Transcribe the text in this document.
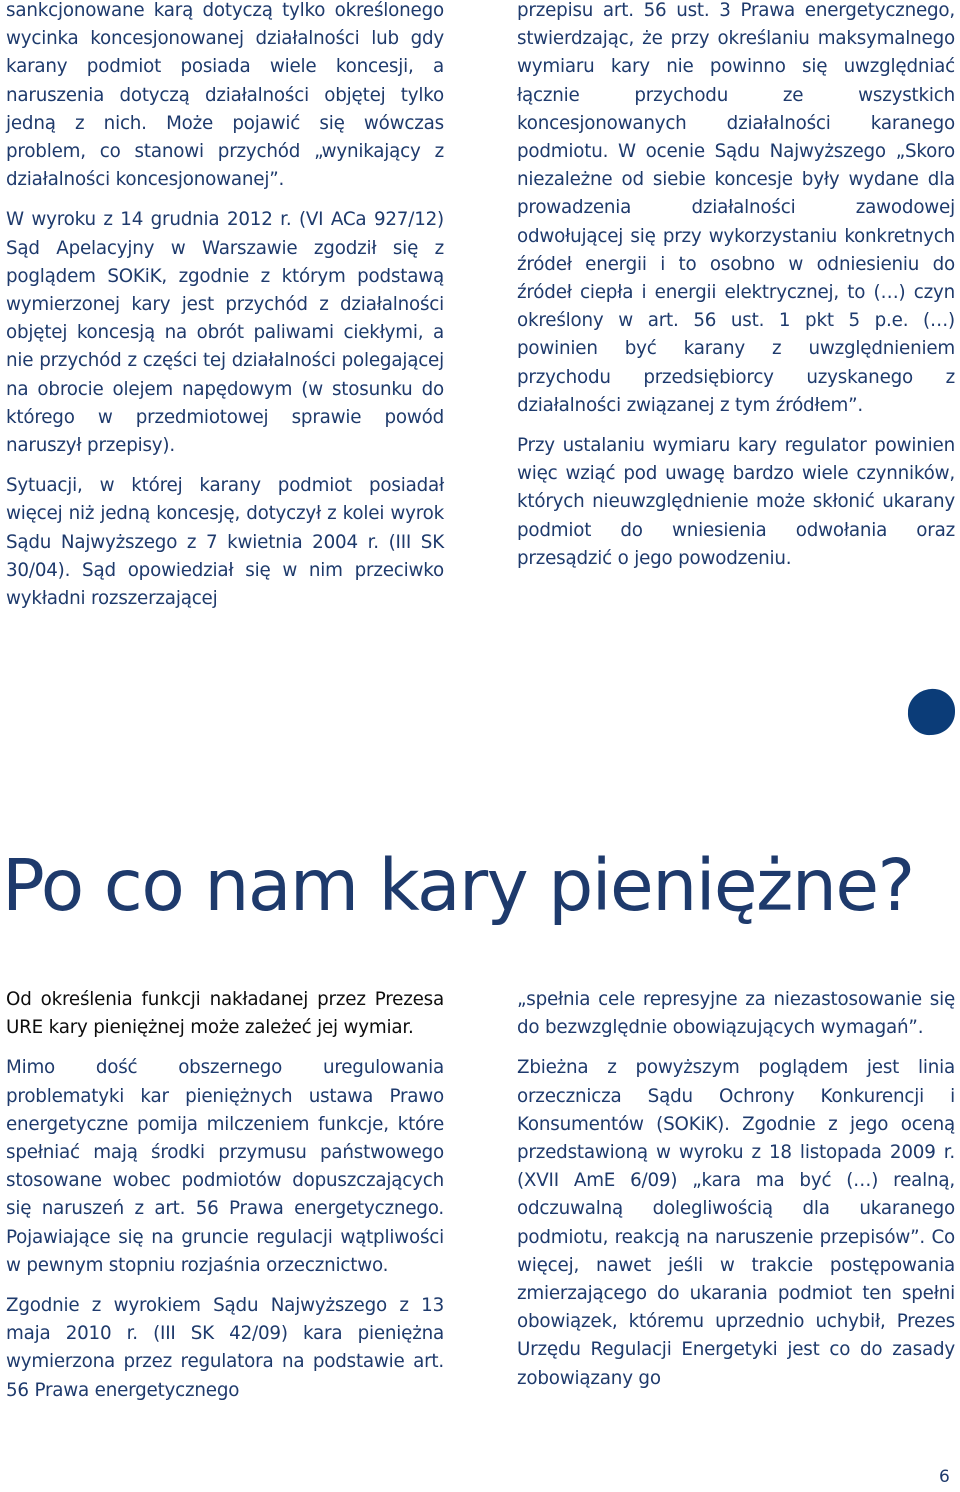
sankcjonowane karą dotyczą tylko określonego wycinka koncesjonowanej działalności lub gdy karany podmiot posiada wiele koncesji, a naruszenia dotyczą działalności objętej tylko jedną z nich. Może pojawić się wówczas problem, co stanowi przychód „wynikający z działalności koncesjonowanej”.

W wyroku z 14 grudnia 2012 r. (VI ACa 927/12) Sąd Apelacyjny w Warszawie zgodził się z poglądem SOKiK, zgodnie z którym podstawą wymierzonej kary jest przychód z działalności objętej koncesją na obrót paliwami ciekłymi, a nie przychód z części tej działalności polegającej na obrocie olejem napędowym (w stosunku do którego w przedmiotowej sprawie powód naruszył przepisy).

Sytuacji, w której karany podmiot posiadał więcej niż jedną koncesję, dotyczył z kolei wyrok Sądu Najwyższego z 7 kwietnia 2004 r. (III SK 30/04). Sąd opowiedział się w nim przeciwko wykładni rozszerzającej

przepisu art. 56 ust. 3 Prawa energetycznego, stwierdzając, że przy określaniu maksymalnego wymiaru kary nie powinno się uwzględniać łącznie przychodu ze wszystkich koncesjonowanych działalności karanego podmiotu. W ocenie Sądu Najwyższego „Skoro niezależne od siebie koncesje były wydane dla prowadzenia działalności zawodowej odwołującej się przy wykorzystaniu konkretnych źródeł energii i to osobno w odniesieniu do źródeł ciepła i energii elektrycznej, to (…) czyn określony w art. 56 ust. 1 pkt 5 p.e. (…) powinien być karany z uwzględnieniem przychodu przedsiębiorcy uzyskanego z działalności związanej z tym źródłem”.

Przy ustalaniu wymiaru kary regulator powinien więc wziąć pod uwagę bardzo wiele czynników, których nieuwzględnienie może skłonić ukarany podmiot do wniesienia odwołania oraz przesądzić o jego powodzeniu.

Po co nam kary pieniężne?

Od określenia funkcji nakładanej przez Prezesa URE kary pieniężnej może zależeć jej wymiar.

Mimo dość obszernego uregulowania problematyki kar pieniężnych ustawa Prawo energetyczne pomija milczeniem funkcje, które spełniać mają środki przymusu państwowego stosowane wobec podmiotów dopuszczających się naruszeń z art. 56 Prawa energetycznego. Pojawiające się na gruncie regulacji wątpliwości w pewnym stopniu rozjaśnia orzecznictwo.

Zgodnie z wyrokiem Sądu Najwyższego z 13 maja 2010 r. (III SK 42/09) kara pieniężna wymierzona przez regulatora na podstawie art. 56 Prawa energetycznego

„spełnia cele represyjne za niezastosowanie się do bezwzględnie obowiązujących wymagań”.

Zbieżna z powyższym poglądem jest linia orzecznicza Sądu Ochrony Konkurencji i Konsumentów (SOKiK). Zgodnie z jego oceną przedstawioną w wyroku z 18 listopada 2009 r. (XVII AmE 6/09) „kara ma być (…) realną, odczuwalną dolegliwością dla ukaranego podmiotu, reakcją na naruszenie przepisów”. Co więcej, nawet jeśli w trakcie postępowania zmierzającego do ukarania podmiot ten spełni obowiązek, któremu uprzednio uchybił, Prezes Urzędu Regulacji Energetyki jest co do zasady zobowiązany go

6
